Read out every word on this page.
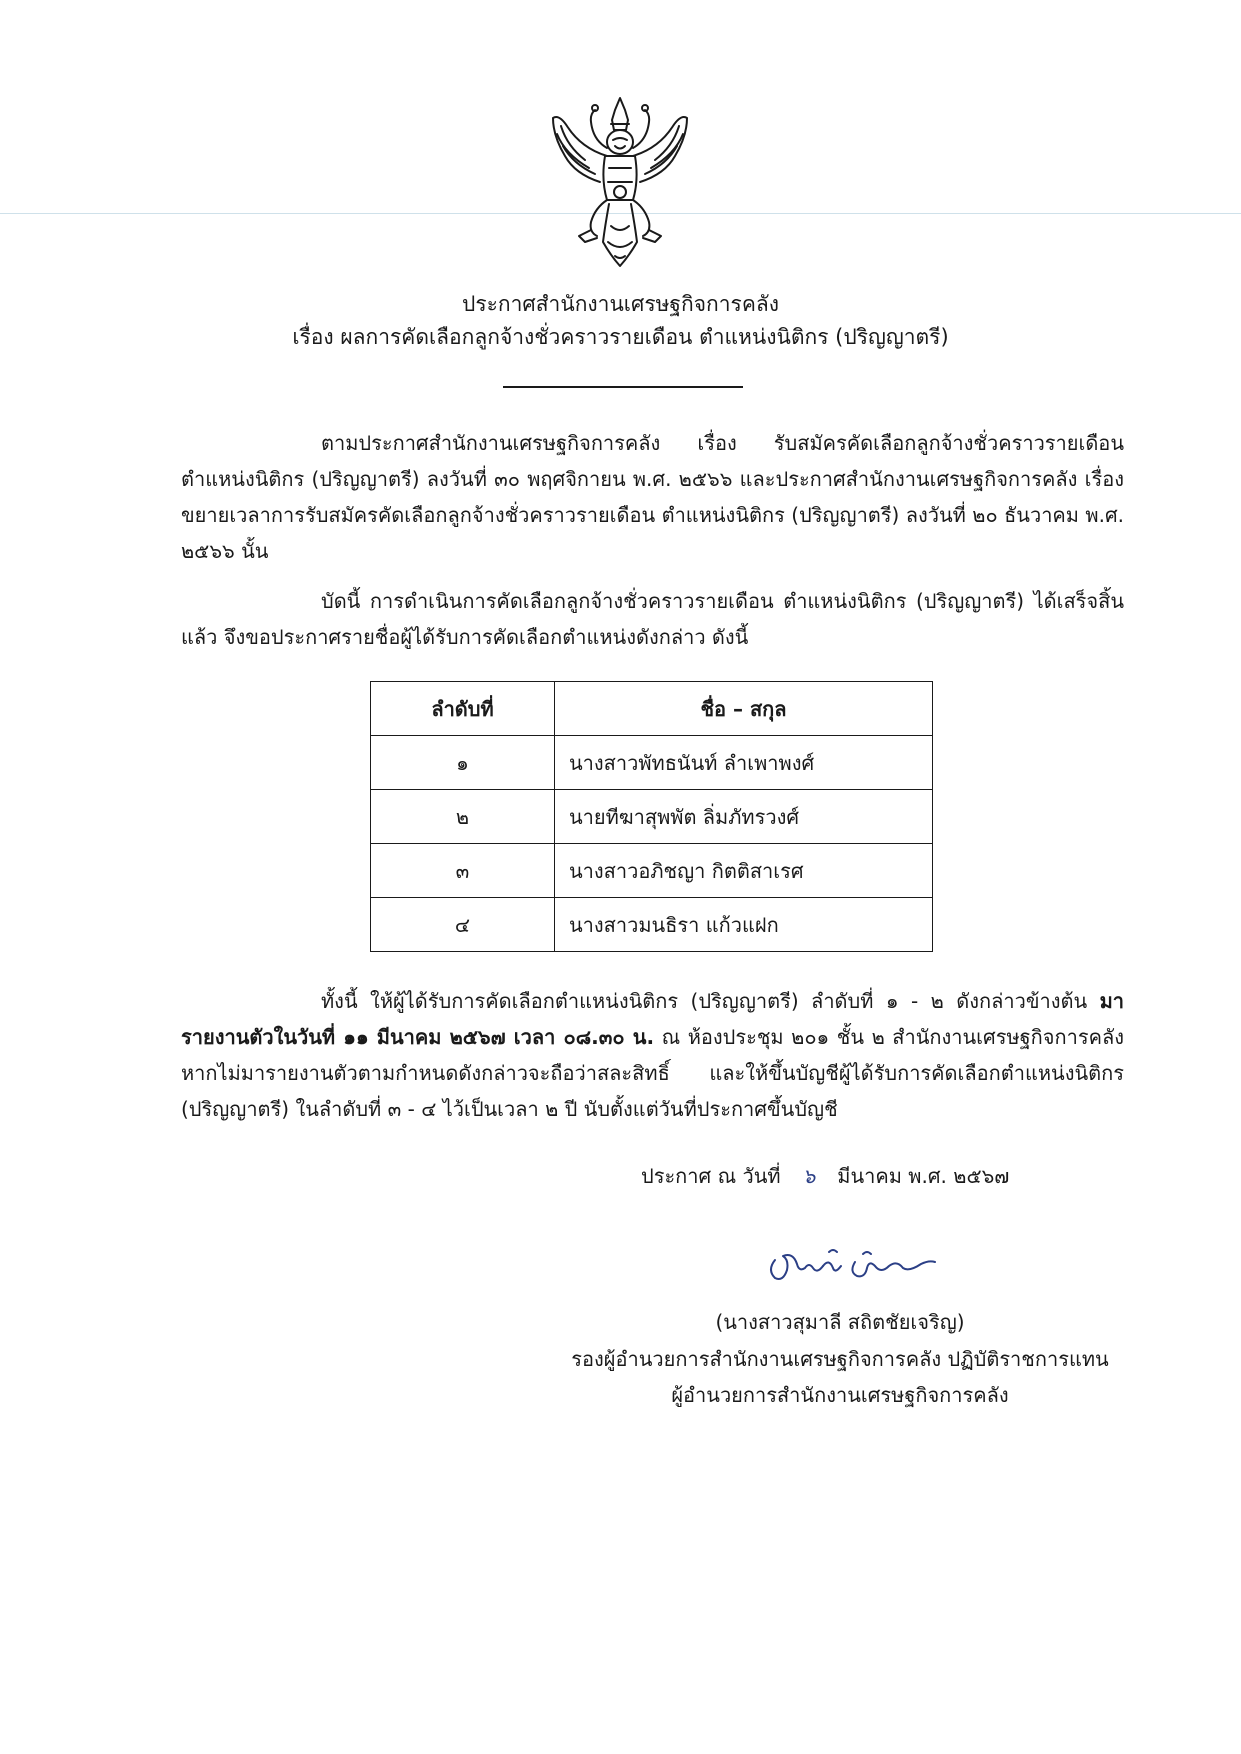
ประกาศสำนักงานเศรษฐกิจการคลัง
เรื่อง ผลการคัดเลือกลูกจ้างชั่วคราวรายเดือน ตำแหน่งนิติกร (ปริญญาตรี)

ตามประกาศสำนักงานเศรษฐกิจการคลัง เรื่อง รับสมัครคัดเลือกลูกจ้างชั่วคราวรายเดือน ตำแหน่งนิติกร (ปริญญาตรี) ลงวันที่ ๓๐ พฤศจิกายน พ.ศ. ๒๕๖๖ และประกาศสำนักงานเศรษฐกิจการคลัง เรื่อง ขยายเวลาการรับสมัครคัดเลือกลูกจ้างชั่วคราวรายเดือน ตำแหน่งนิติกร (ปริญญาตรี) ลงวันที่ ๒๐ ธันวาคม พ.ศ. ๒๕๖๖ นั้น

บัดนี้ การดำเนินการคัดเลือกลูกจ้างชั่วคราวรายเดือน ตำแหน่งนิติกร (ปริญญาตรี) ได้เสร็จสิ้นแล้ว จึงขอประกาศรายชื่อผู้ได้รับการคัดเลือกตำแหน่งดังกล่าว ดังนี้

ลำดับที่	ชื่อ – สกุล
๑	นางสาวพัทธนันท์ ลำเพาพงศ์
๒	นายทีฆาสุพพัต ลิ่มภัทรวงศ์
๓	นางสาวอภิชญา กิตติสาเรศ
๔	นางสาวมนธิรา แก้วแฝก

ทั้งนี้ ให้ผู้ได้รับการคัดเลือกตำแหน่งนิติกร (ปริญญาตรี) ลำดับที่ ๑ - ๒ ดังกล่าวข้างต้น มารายงานตัวในวันที่ ๑๑ มีนาคม ๒๕๖๗ เวลา ๐๘.๓๐ น. ณ ห้องประชุม ๒๐๑ ชั้น ๒ สำนักงานเศรษฐกิจการคลัง หากไม่มารายงานตัวตามกำหนดดังกล่าวจะถือว่าสละสิทธิ์ และให้ขึ้นบัญชีผู้ได้รับการคัดเลือกตำแหน่งนิติกร (ปริญญาตรี) ในลำดับที่ ๓ - ๔ ไว้เป็นเวลา ๒ ปี นับตั้งแต่วันที่ประกาศขึ้นบัญชี

ประกาศ ณ วันที่ ๖ มีนาคม พ.ศ. ๒๕๖๗
(นางสาวสุมาลี สถิตชัยเจริญ)
รองผู้อำนวยการสำนักงานเศรษฐกิจการคลัง ปฏิบัติราชการแทน
ผู้อำนวยการสำนักงานเศรษฐกิจการคลัง
